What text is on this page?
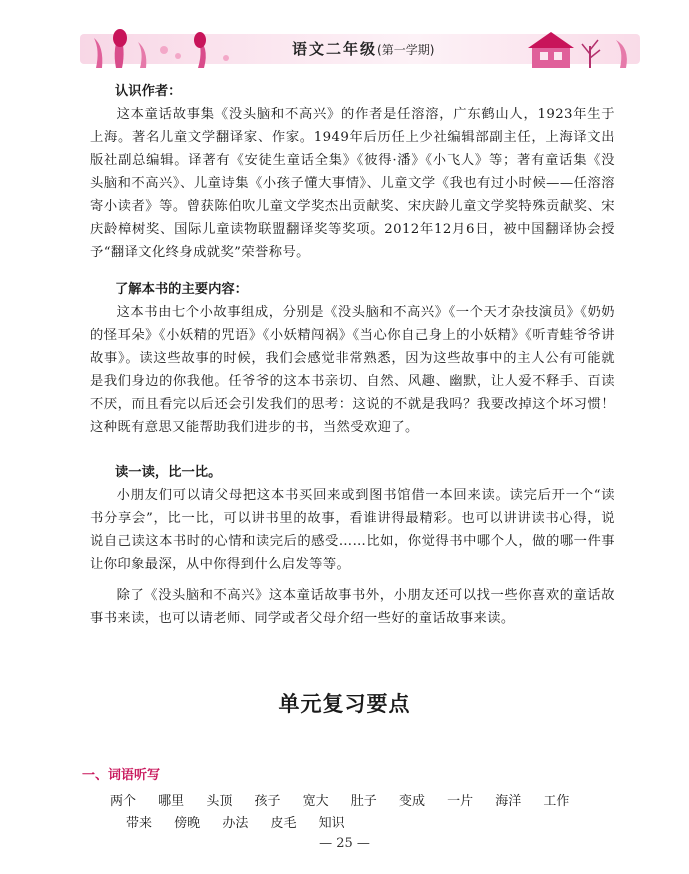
语文二年级(第一学期)
认识作者：

这本童话故事集《没头脑和不高兴》的作者是任溶溶，广东鹤山人，1923年生于上海。著名儿童文学翻译家、作家。1949年后历任上少社编辑部副主任，上海译文出版社副总编辑。译著有《安徒生童话全集》《彼得·潘》《小飞人》等；著有童话集《没头脑和不高兴》、儿童诗集《小孩子懂大事情》、儿童文学《我也有过小时候——任溶溶寄小读者》等。曾获陈伯吹儿童文学奖杰出贡献奖、宋庆龄儿童文学奖特殊贡献奖、宋庆龄樟树奖、国际儿童读物联盟翻译奖等奖项。2012年12月6日，被中国翻译协会授予“翻译文化终身成就奖”荣誉称号。

了解本书的主要内容：

这本书由七个小故事组成，分别是《没头脑和不高兴》《一个天才杂技演员》《奶奶的怪耳朵》《小妖精的咒语》《小妖精闯祸》《当心你自己身上的小妖精》《听青蛙爷爷讲故事》。读这些故事的时候，我们会感觉非常熟悉，因为这些故事中的主人公有可能就是我们身边的你我他。任爷爷的这本书亲切、自然、风趣、幽默，让人爱不释手、百读不厌，而且看完以后还会引发我们的思考：这说的不就是我吗？我要改掉这个坏习惯！这种既有意思又能帮助我们进步的书，当然受欢迎了。

读一读，比一比。

小朋友们可以请父母把这本书买回来或到图书馆借一本回来读。读完后开一个“读书分享会”，比一比，可以讲书里的故事，看谁讲得最精彩。也可以讲讲读书心得，说说自己读这本书时的心情和读完后的感受……比如，你觉得书中哪个人，做的哪一件事让你印象最深，从中你得到什么启发等等。

除了《没头脑和不高兴》这本童话故事书外，小朋友还可以找一些你喜欢的童话故事书来读，也可以请老师、同学或者父母介绍一些好的童话故事来读。

单元复习要点
一、词语听写
两个 哪里 头顶 孩子 宽大 肚子 变成 一片 海洋 工作
带来 傍晚 办法 皮毛 知识
— 25 —
